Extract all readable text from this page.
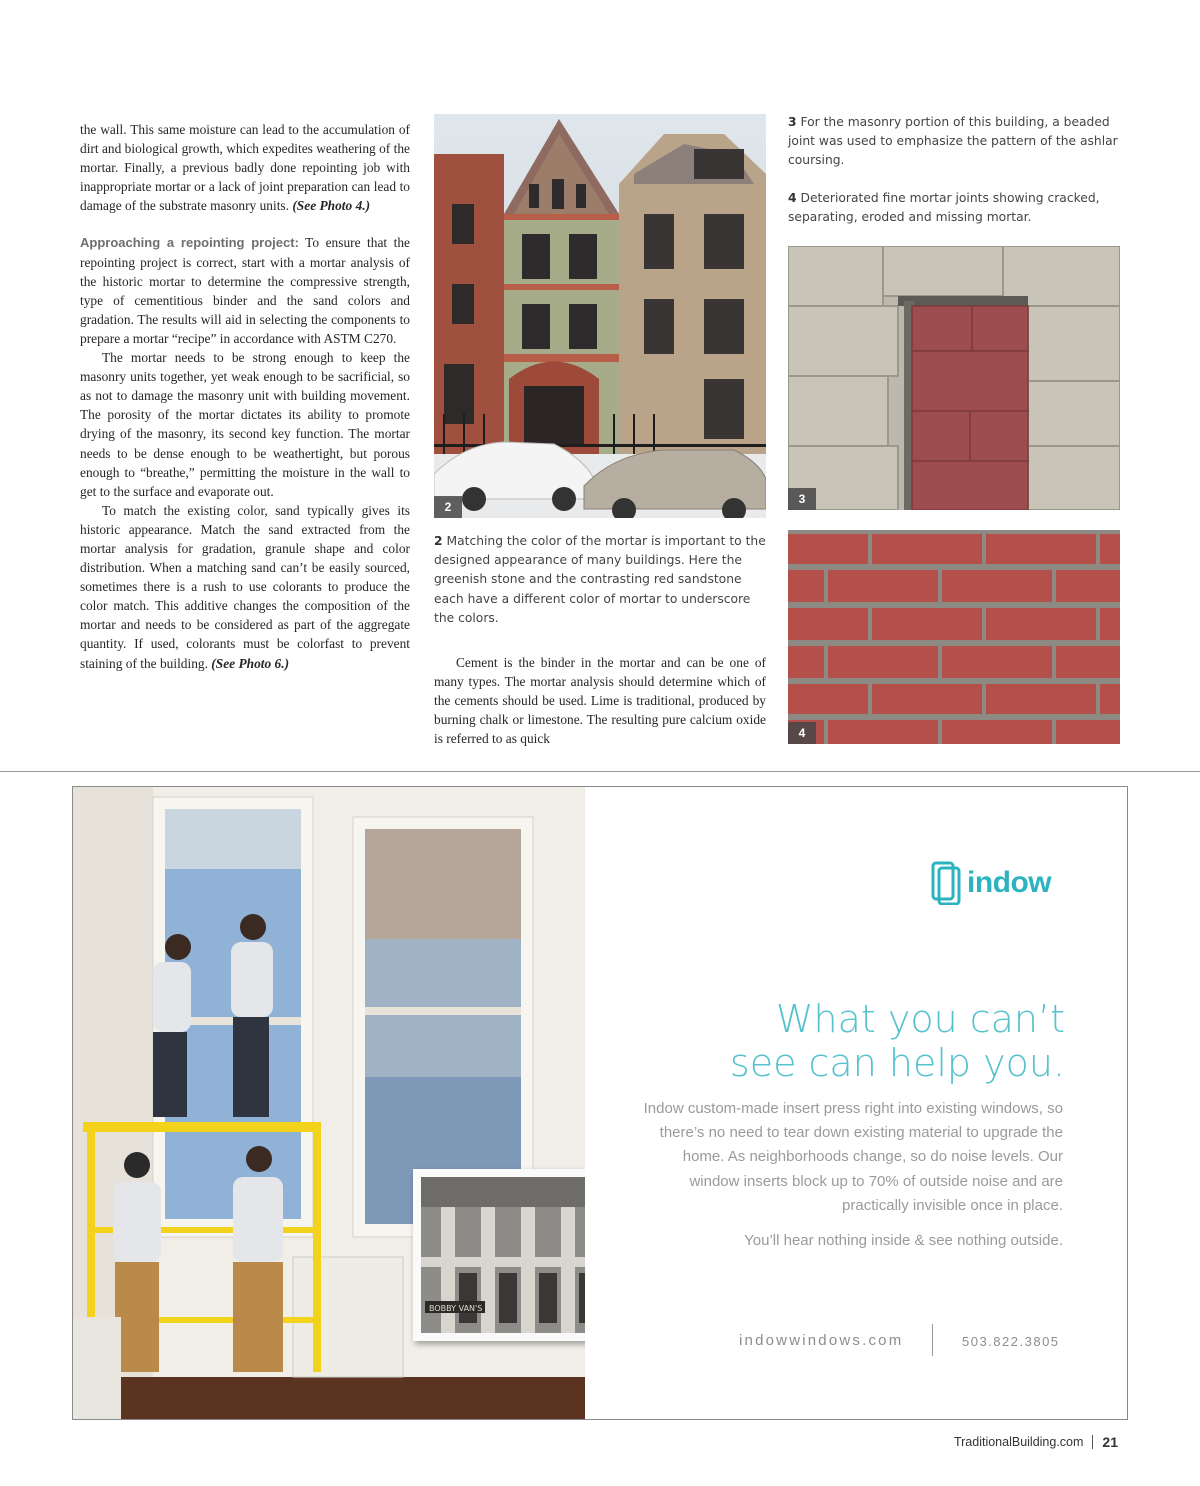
the wall. This same moisture can lead to the accumulation of dirt and biological growth, which expedites weathering of the mortar. Finally, a previous badly done repointing job with inappropriate mortar or a lack of joint preparation can lead to damage of the substrate masonry units. (See Photo 4.)

Approaching a repointing project: To ensure that the repointing project is correct, start with a mortar analysis of the historic mortar to determine the compressive strength, type of cementitious binder and the sand colors and gradation. The results will aid in selecting the components to prepare a mortar “recipe” in accordance with ASTM C270.

The mortar needs to be strong enough to keep the masonry units together, yet weak enough to be sacrificial, so as not to damage the masonry unit with building movement. The porosity of the mortar dictates its ability to promote drying of the masonry, its second key function. The mortar needs to be dense enough to be weathertight, but porous enough to “breathe,” permitting the moisture in the wall to get to the surface and evaporate out.

To match the existing color, sand typically gives its historic appearance. Match the sand extracted from the mortar analysis for gradation, granule shape and color distribution. When a matching sand can’t be easily sourced, sometimes there is a rush to use colorants to produce the color match. This additive changes the composition of the mortar and needs to be considered as part of the aggregate quantity. If used, colorants must be colorfast to prevent staining of the building. (See Photo 6.)

2
2 Matching the color of the mortar is important to the designed appearance of many buildings. Here the greenish stone and the contrasting red sandstone each have a different color of mortar to underscore the colors.
Cement is the binder in the mortar and can be one of many types. The mortar analysis should determine which of the cements should be used. Lime is traditional, produced by burning chalk or limestone. The resulting pure calcium oxide is referred to as quick
3 For the masonry portion of this building, a beaded joint was used to emphasize the pattern of the ashlar coursing.
4 Deteriorated fine mortar joints showing cracked, separating, eroded and missing mortar.
3
4
BOBBY VAN'S
indow
What you can’t
see can help you.
Indow custom-made insert press right into existing windows, so there’s no need to tear down existing material to upgrade the home. As neighborhoods change, so do noise levels. Our window inserts block up to 70% of outside noise and are practically invisible once in place.
You’ll hear nothing inside & see nothing outside.
indowwindows.com	503.822.3805
TraditionalBuilding.com 21
